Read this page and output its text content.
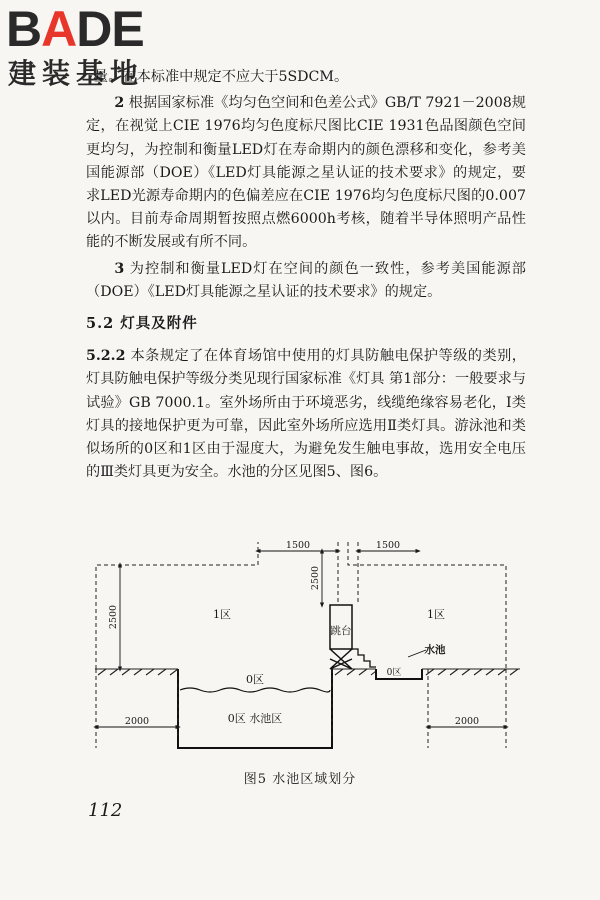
BADE
建装基地

量。在本标准中规定不应大于5SDCM。

2 根据国家标准《均匀色空间和色差公式》GB/T 7921－2008规定，在视觉上CIE 1976均匀色度标尺图比CIE 1931色品图颜色空间更均匀，为控制和衡量LED灯在寿命期内的颜色漂移和变化，参考美国能源部（DOE）《LED灯具能源之星认证的技术要求》的规定，要求LED光源寿命期内的色偏差应在CIE 1976均匀色度标尺图的0.007以内。目前寿命周期暂按照点燃6000h考核，随着半导体照明产品性能的不断发展或有所不同。

3 为控制和衡量LED灯在空间的颜色一致性，参考美国能源部（DOE）《LED灯具能源之星认证的技术要求》的规定。

5.2 灯具及附件

5.2.2 本条规定了在体育场馆中使用的灯具防触电保护等级的类别，灯具防触电保护等级分类见现行国家标准《灯具 第1部分：一般要求与试验》GB 7000.1。室外场所由于环境恶劣，线缆绝缘容易老化，Ⅰ类灯具的接地保护更为可靠，因此室外场所应选用Ⅱ类灯具。游泳池和类似场所的0区和1区由于湿度大，为避免发生触电事故，选用安全电压的Ⅲ类灯具更为安全。水池的分区见图5、图6。

1500	1500
2500
2500
2000	2000
1区	1区
0区
0区 水池区
0区
跳台
水池
图5 水池区域划分
112
